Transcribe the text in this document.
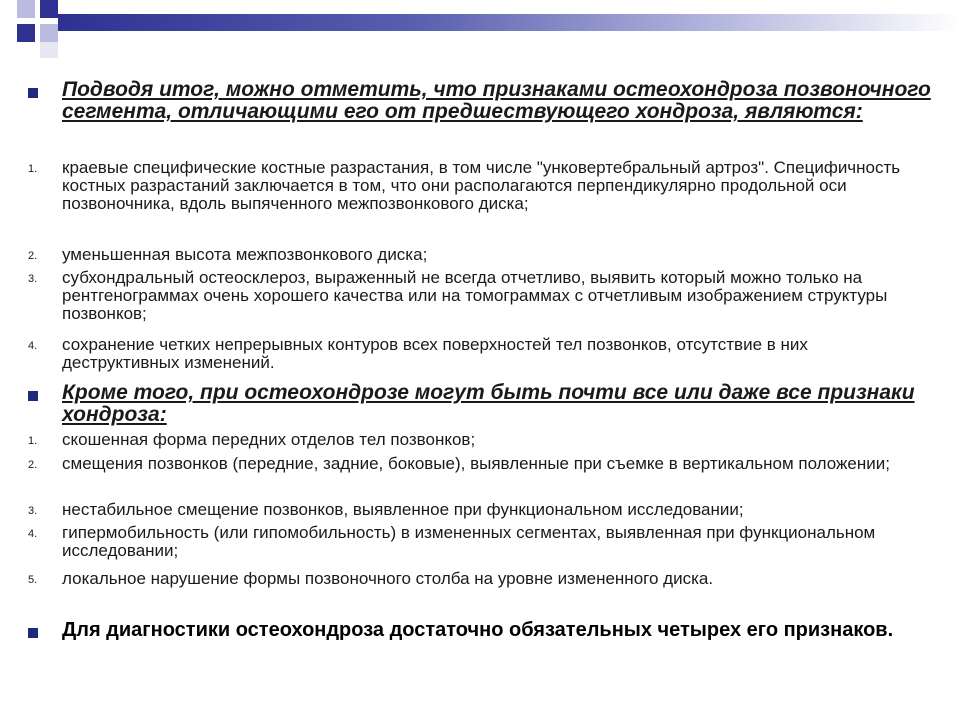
Подводя итог, можно отметить, что признаками остеохондроза позвоночного сегмента, отличающими его от предшествующего хондроза, являются:
1. краевые специфические костные разрастания, в том числе "унковертебральный артроз". Специфичность костных разрастаний заключается в том, что они располагаются перпендикулярно продольной оси позвоночника, вдоль выпяченного межпозвонкового диска;
2. уменьшенная высота межпозвонкового диска;
3. субхондральный остеосклероз, выраженный не всегда отчетливо, выявить который можно только на рентгенограммах очень хорошего качества или на томограммах с отчетливым изображением структуры позвонков;
4. сохранение четких непрерывных контуров всех поверхностей тел позвонков, отсутствие в них деструктивных изменений.
Кроме того, при остеохондрозе могут быть почти все или даже все признаки хондроза:
1. скошенная форма передних отделов тел позвонков;
2. смещения позвонков (передние, задние, боковые), выявленные при съемке в вертикальном положении;
3. нестабильное смещение позвонков, выявленное при функциональном исследовании;
4. гипермобильность (или гипомобильность) в измененных сегментах, выявленная при функциональном исследовании;
5. локальное нарушение формы позвоночного столба на уровне измененного диска.
Для диагностики остеохондроза достаточно обязательных четырех его признаков.
